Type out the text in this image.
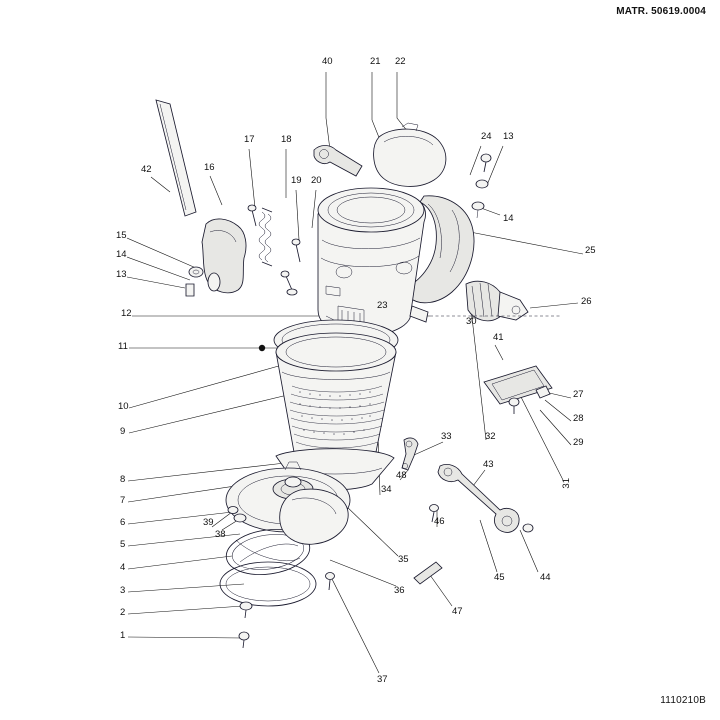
MATR. 50619.0004
1110210B
40	21 22
24 13
14
25
26
30
41
27
28
29
31
32
33
43
44
45
46
47
48
34
35
36
37
42	16
17	18
19 20
15
14
13
12
11
10
9
8
7
6
5
4
3
2
1
38
39
23
